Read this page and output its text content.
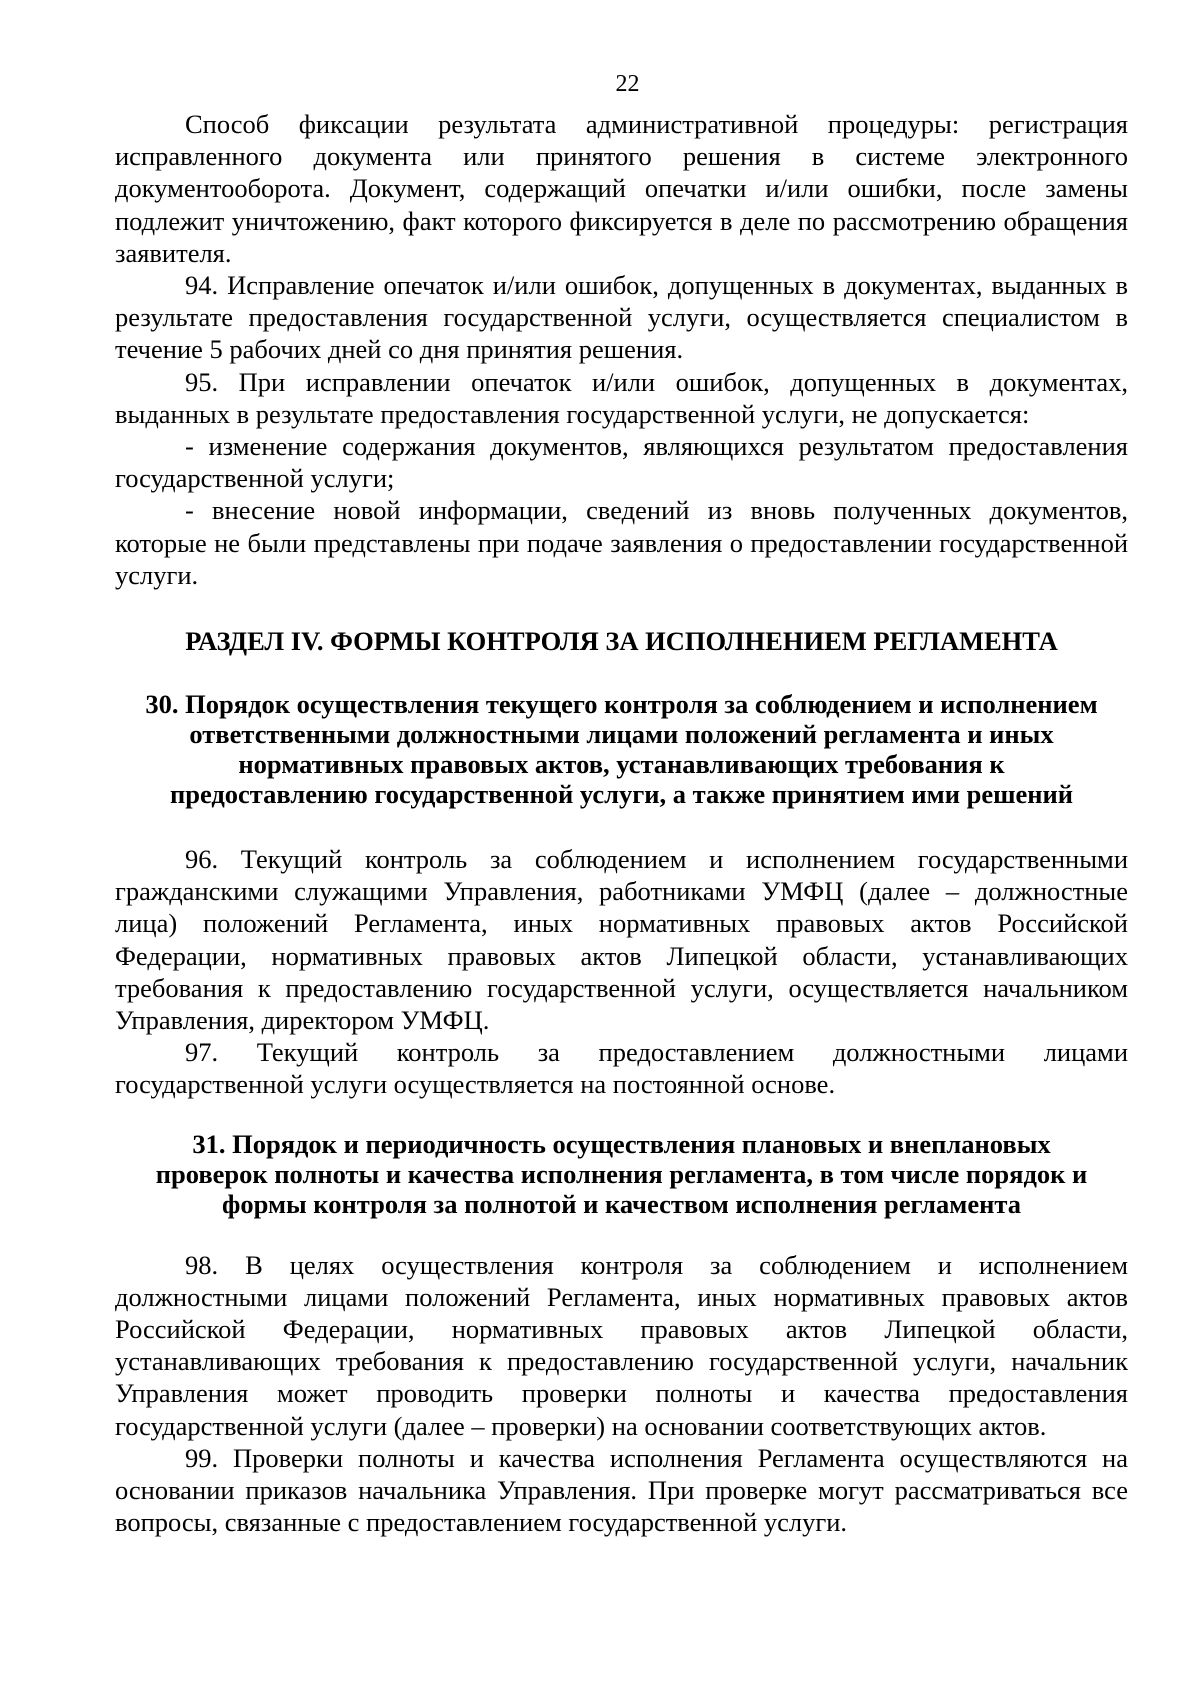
22

Способ фиксации результата административной процедуры: регистрация исправленного документа или принятого решения в системе электронного документооборота. Документ, содержащий опечатки и/или ошибки, после замены подлежит уничтожению, факт которого фиксируется в деле по рассмотрению обращения заявителя.

94. Исправление опечаток и/или ошибок, допущенных в документах, выданных в результате предоставления государственной услуги, осуществляется специалистом в течение 5 рабочих дней со дня принятия решения.

95. При исправлении опечаток и/или ошибок, допущенных в документах, выданных в результате предоставления государственной услуги, не допускается:

- изменение содержания документов, являющихся результатом предоставления государственной услуги;

- внесение новой информации, сведений из вновь полученных документов, которые не были представлены при подаче заявления о предоставлении государственной услуги.

РАЗДЕЛ IV. ФОРМЫ КОНТРОЛЯ ЗА ИСПОЛНЕНИЕМ РЕГЛАМЕНТА
30. Порядок осуществления текущего контроля за соблюдением и исполнением
ответственными должностными лицами положений регламента и иных
нормативных правовых актов, устанавливающих требования к
предоставлению государственной услуги, а также принятием ими решений

96. Текущий контроль за соблюдением и исполнением государственными гражданскими служащими Управления, работниками УМФЦ (далее – должностные лица) положений Регламента, иных нормативных правовых актов Российской Федерации, нормативных правовых актов Липецкой области, устанавливающих требования к предоставлению государственной услуги, осуществляется начальником Управления, директором УМФЦ.

97. Текущий контроль за предоставлением должностными лицами государственной услуги осуществляется на постоянной основе.

31. Порядок и периодичность осуществления плановых и внеплановых
проверок полноты и качества исполнения регламента, в том числе порядок и
формы контроля за полнотой и качеством исполнения регламента

98. В целях осуществления контроля за соблюдением и исполнением должностными лицами положений Регламента, иных нормативных правовых актов Российской Федерации, нормативных правовых актов Липецкой области, устанавливающих требования к предоставлению государственной услуги, начальник Управления может проводить проверки полноты и качества предоставления государственной услуги (далее – проверки) на основании соответствующих актов.

99. Проверки полноты и качества исполнения Регламента осуществляются на основании приказов начальника Управления. При проверке могут рассматриваться все вопросы, связанные с предоставлением государственной услуги.
